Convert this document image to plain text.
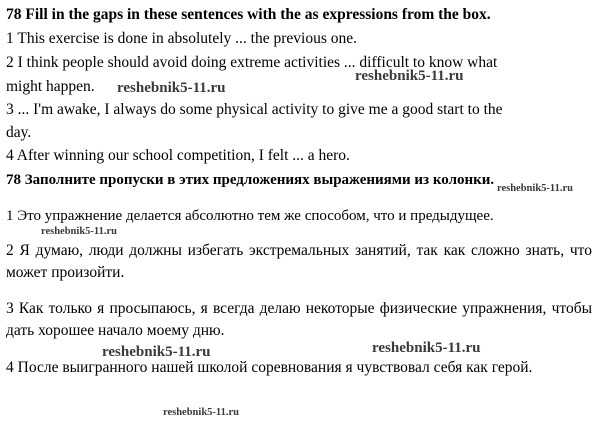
78 Fill in the gaps in these sentences with the as expressions from the box.
1 This exercise is done in absolutely ... the previous one.
2 I think people should avoid doing extreme activities ... difficult to know what
might happen.
3 ... I'm awake, I always do some physical activity to give me a good start to the
day.
4 After winning our school competition, I felt ... a hero.
78 Заполните пропуски в этих предложениях выражениями из колонки.
1 Это упражнение делается абсолютно тем же способом, что и предыдущее.
2 Я думаю, люди должны избегать экстремальных занятий, так как сложно знать, что может произойти.
3 Как только я просыпаюсь, я всегда делаю некоторые физические упражнения, чтобы дать хорошее начало моему дню.
4 После выигранного нашей школой соревнования я чувствовал себя как герой.
reshebnik5-11.ru
reshebnik5-11.ru
reshebnik5-11.ru
reshebnik5-11.ru
reshebnik5-11.ru	reshebnik5-11.ru
reshebnik5-11.ru
